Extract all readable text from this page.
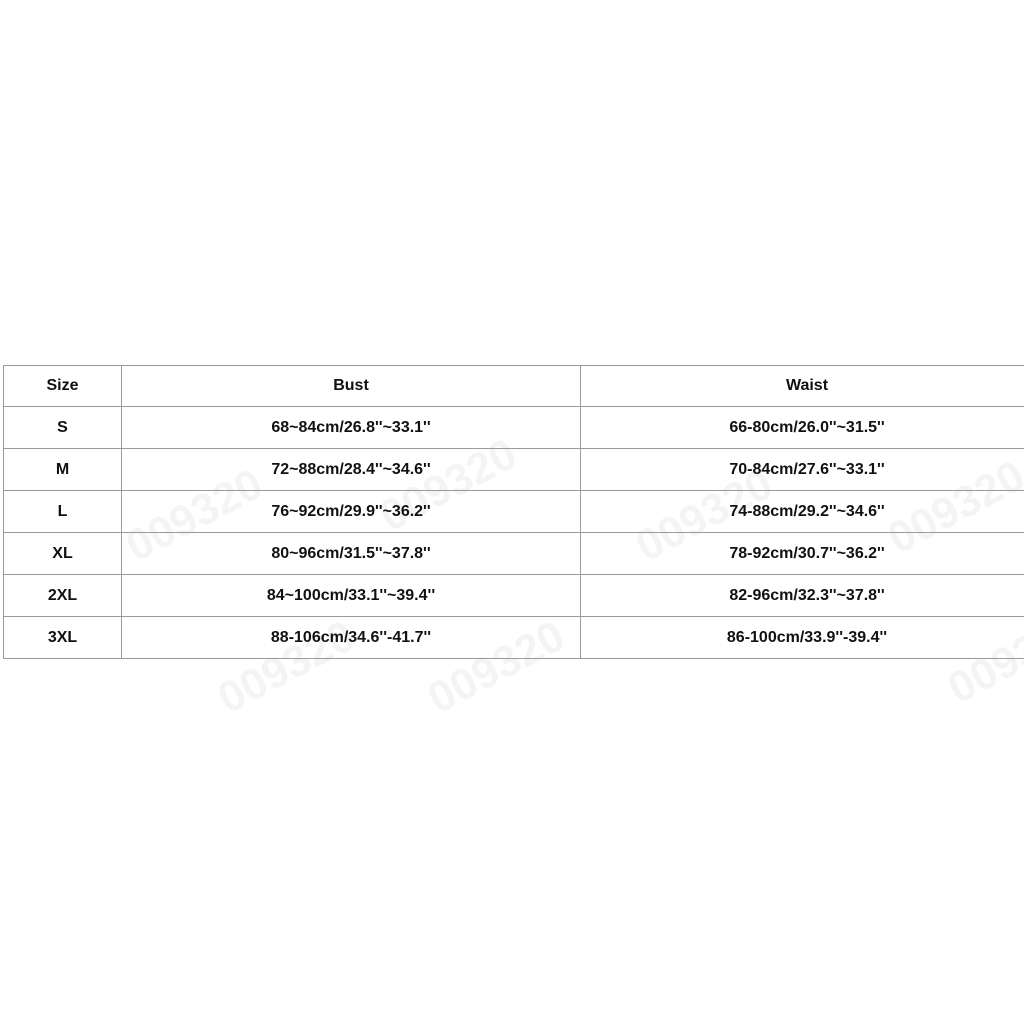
Size	Bust	Waist
S	68~84cm/26.8''~33.1''	66-80cm/26.0''~31.5''
M	72~88cm/28.4''~34.6''	70-84cm/27.6''~33.1''
L	76~92cm/29.9''~36.2''	74-88cm/29.2''~34.6''
XL	80~96cm/31.5''~37.8''	78-92cm/30.7''~36.2''
2XL	84~100cm/33.1''~39.4''	82-96cm/32.3''~37.8''
3XL	88-106cm/34.6''-41.7''	86-100cm/33.9''-39.4''
